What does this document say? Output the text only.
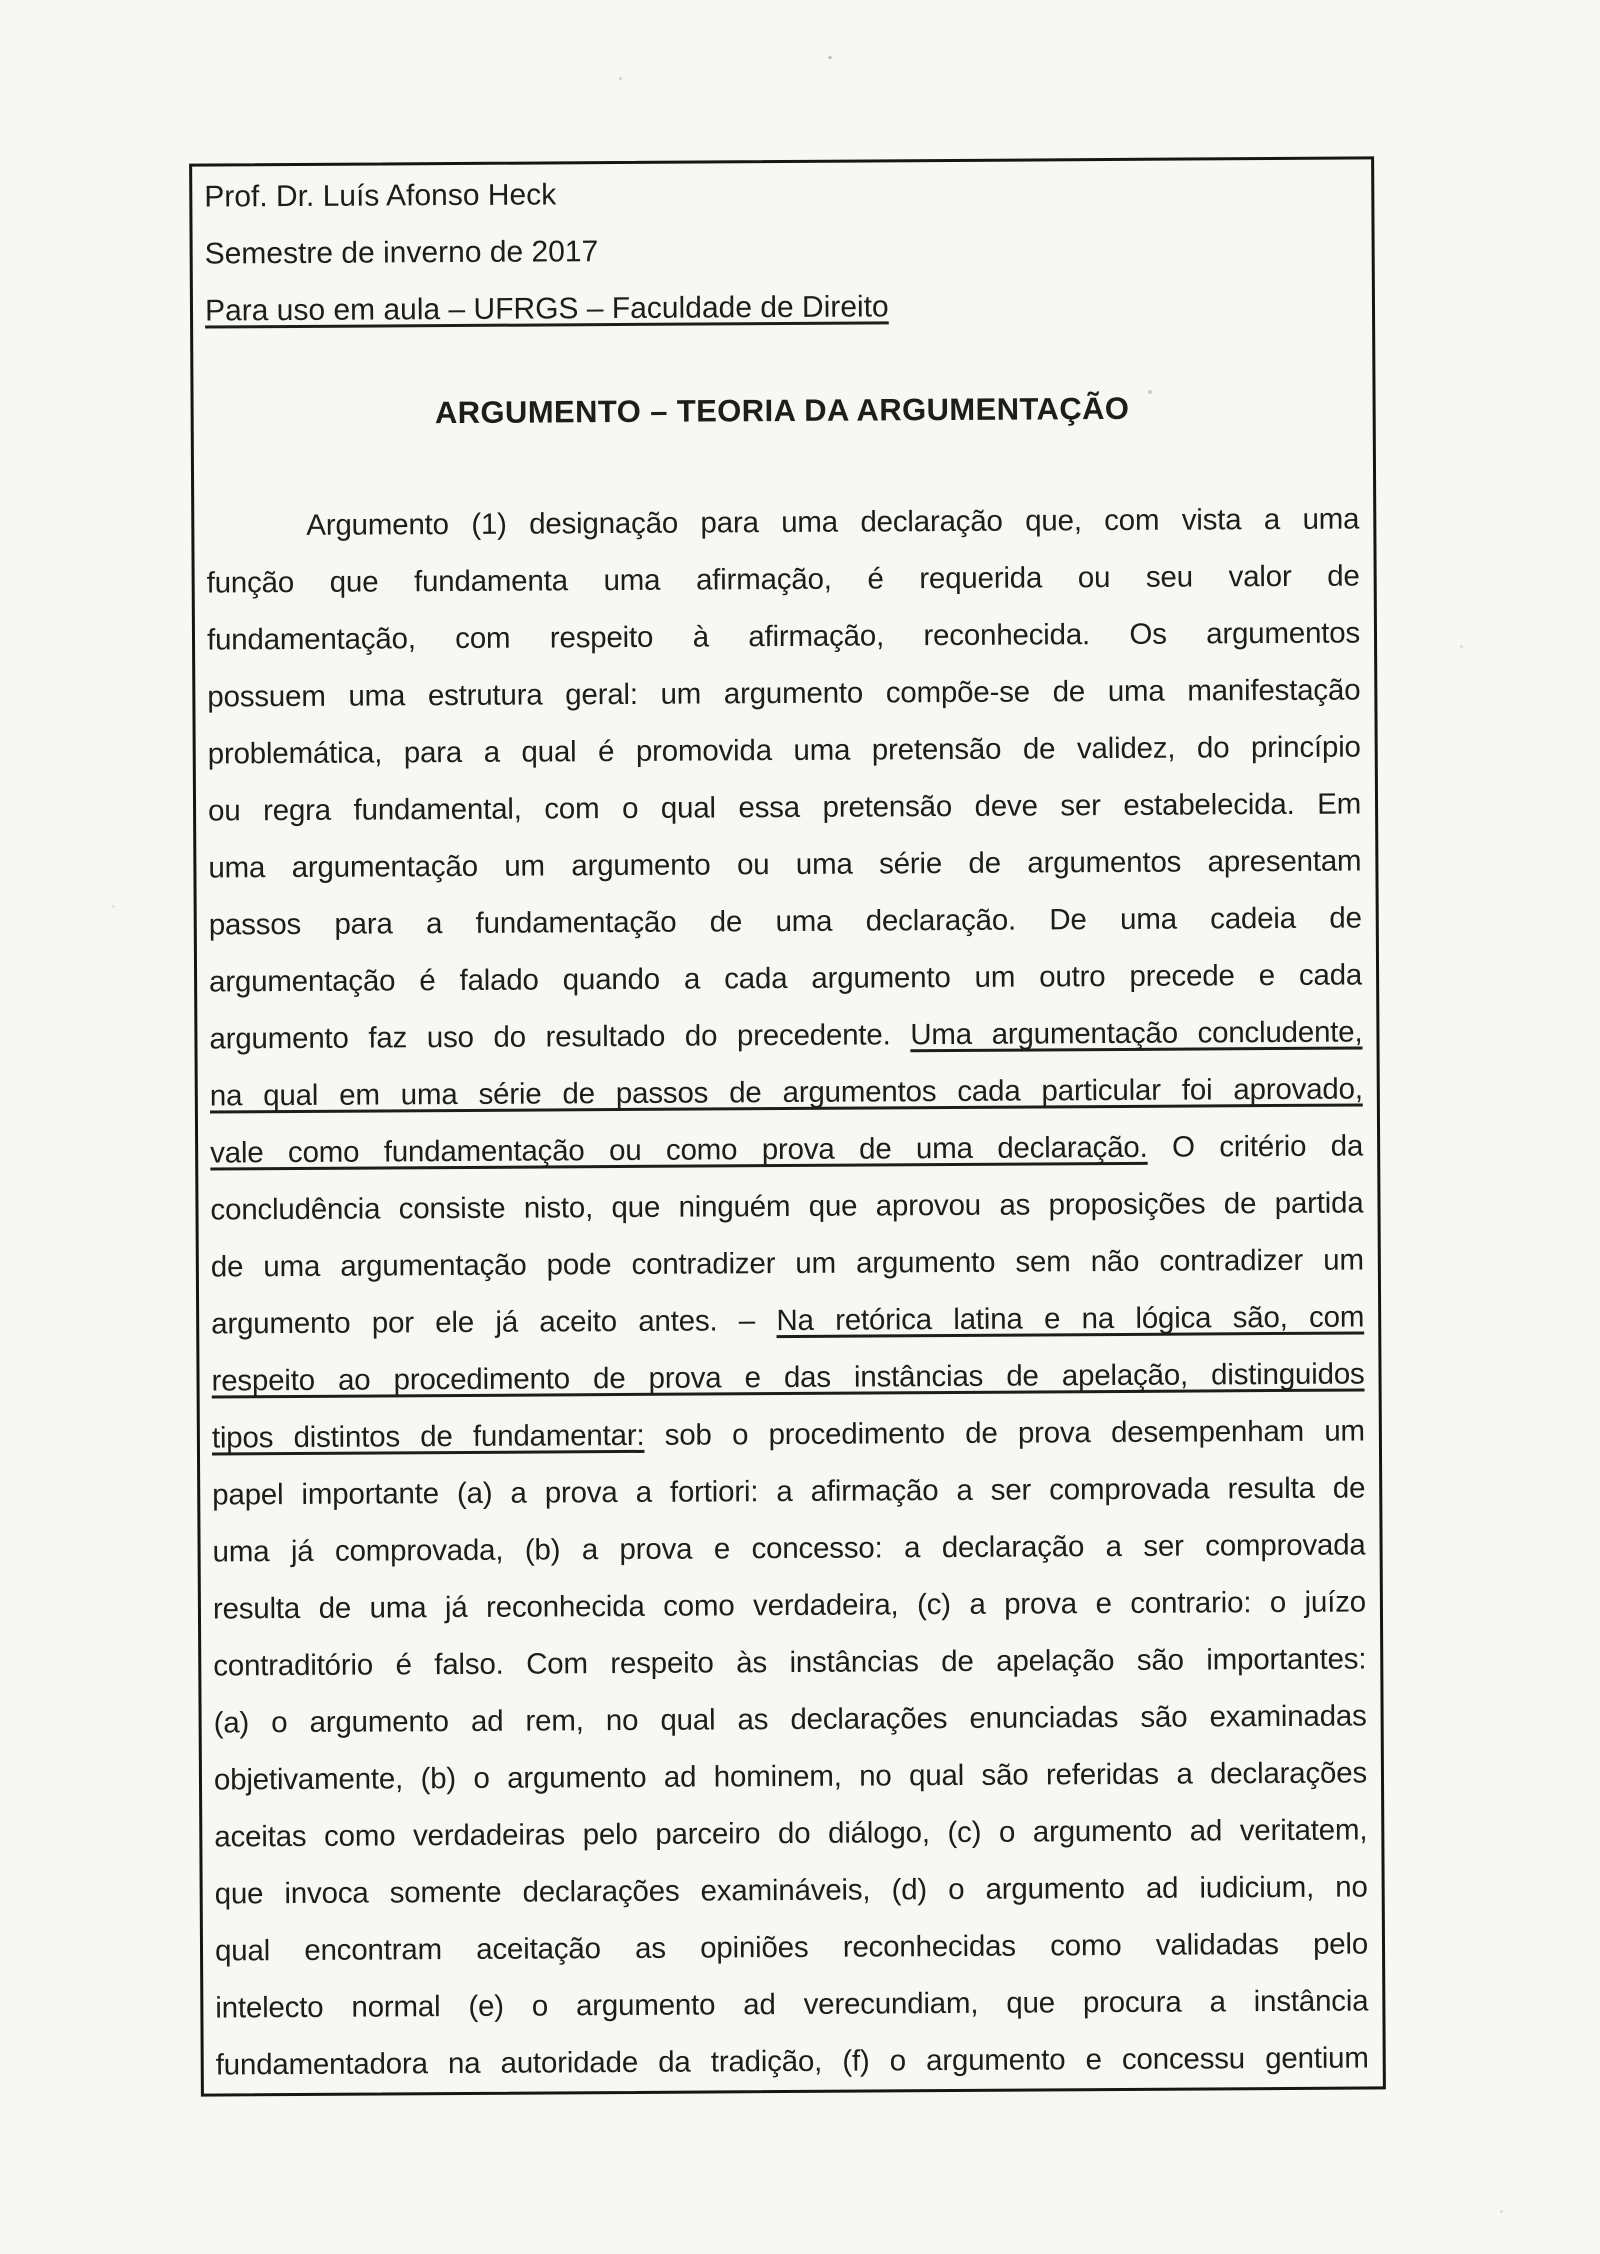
Prof. Dr. Luís Afonso Heck
Semestre de inverno de 2017
Para uso em aula – UFRGS – Faculdade de Direito
ARGUMENTO – TEORIA DA ARGUMENTAÇÃO
Argumento (1) designação para uma declaração que, com vista a uma
função que fundamenta uma afirmação, é requerida ou seu valor de
fundamentação, com respeito à afirmação, reconhecida. Os argumentos
possuem uma estrutura geral: um argumento compõe-se de uma manifestação
problemática, para a qual é promovida uma pretensão de validez, do princípio
ou regra fundamental, com o qual essa pretensão deve ser estabelecida. Em
uma argumentação um argumento ou uma série de argumentos apresentam
passos para a fundamentação de uma declaração. De uma cadeia de
argumentação é falado quando a cada argumento um outro precede e cada
argumento faz uso do resultado do precedente. Uma argumentação concludente,
na qual em uma série de passos de argumentos cada particular foi aprovado,
vale como fundamentação ou como prova de uma declaração. O critério da
concludência consiste nisto, que ninguém que aprovou as proposições de partida
de uma argumentação pode contradizer um argumento sem não contradizer um
argumento por ele já aceito antes. – Na retórica latina e na lógica são, com
respeito ao procedimento de prova e das instâncias de apelação, distinguidos
tipos distintos de fundamentar: sob o procedimento de prova desempenham um
papel importante (a) a prova a fortiori: a afirmação a ser comprovada resulta de
uma já comprovada, (b) a prova e concesso: a declaração a ser comprovada
resulta de uma já reconhecida como verdadeira, (c) a prova e contrario: o juízo
contraditório é falso. Com respeito às instâncias de apelação são importantes:
(a) o argumento ad rem, no qual as declarações enunciadas são examinadas
objetivamente, (b) o argumento ad hominem, no qual são referidas a declarações
aceitas como verdadeiras pelo parceiro do diálogo, (c) o argumento ad veritatem,
que invoca somente declarações examináveis, (d) o argumento ad iudicium, no
qual encontram aceitação as opiniões reconhecidas como validadas pelo
intelecto normal (e) o argumento ad verecundiam, que procura a instância
fundamentadora na autoridade da tradição, (f) o argumento e concessu gentium
